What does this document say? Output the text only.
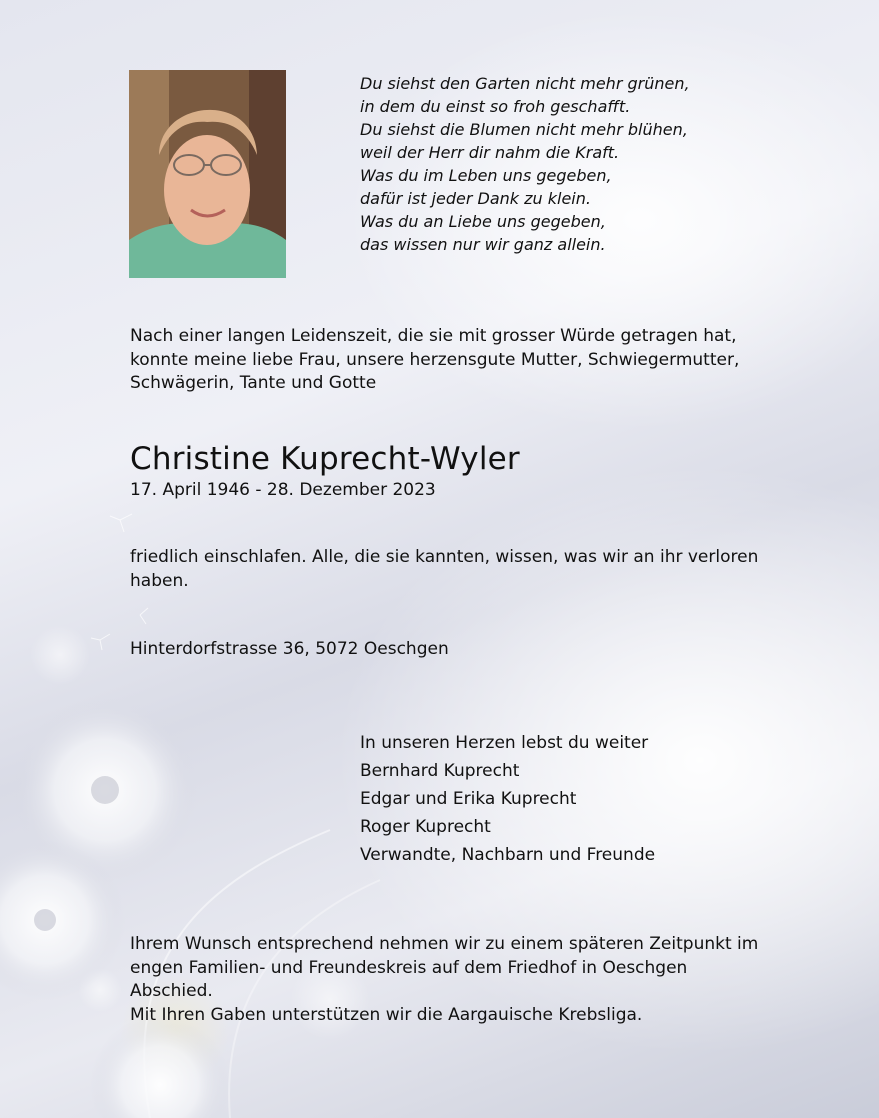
Du siehst den Garten nicht mehr grünen,
in dem du einst so froh geschafft.
Du siehst die Blumen nicht mehr blühen,
weil der Herr dir nahm die Kraft.
Was du im Leben uns gegeben,
dafür ist jeder Dank zu klein.
Was du an Liebe uns gegeben,
das wissen nur wir ganz allein.

Nach einer langen Leidenszeit, die sie mit grosser Würde getragen hat,
konnte meine liebe Frau, unsere herzensgute Mutter, Schwiegermutter,
Schwägerin, Tante und Gotte

Christine Kuprecht-Wyler
17. April 1946 - 28. Dezember 2023

friedlich einschlafen. Alle, die sie kannten, wissen, was wir an ihr verloren
haben.

Hinterdorfstrasse 36, 5072 Oeschgen

In unseren Herzen lebst du weiter
Bernhard Kuprecht
Edgar und Erika Kuprecht
Roger Kuprecht
Verwandte, Nachbarn und Freunde

Ihrem Wunsch entsprechend nehmen wir zu einem späteren Zeitpunkt im
engen Familien- und Freundeskreis auf dem Friedhof in Oeschgen
Abschied.
Mit Ihren Gaben unterstützen wir die Aargauische Krebsliga.
